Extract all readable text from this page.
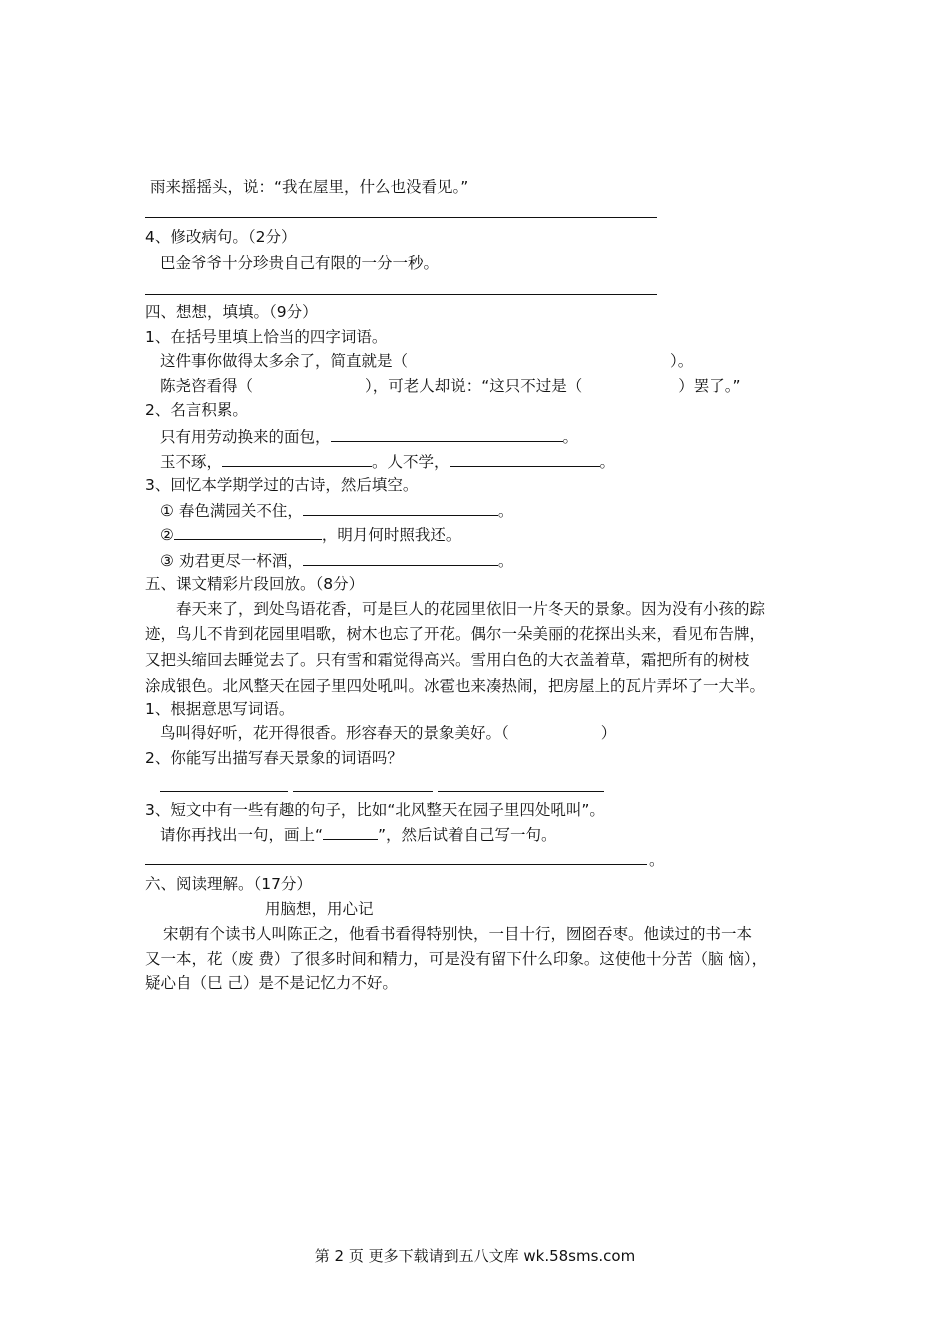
雨来摇摇头，说：“我在屋里，什么也没看见。”
4、修改病句。（2分）
巴金爷爷十分珍贵自己有限的一分一秒。
四、想想，填填。（9分）
1、在括号里填上恰当的四字词语。
这件事你做得太多余了，简直就是（	）。
陈尧咨看得（	），可老人却说：“这只不过是（	）罢了。”
2、名言积累。
只有用劳动换来的面包，	。
玉不琢，	。人不学，	。
3、回忆本学期学过的古诗，然后填空。
① 春色满园关不住，	。
②	，明月何时照我还。
③ 劝君更尽一杯酒，	。
五、课文精彩片段回放。（8分）
春天来了，到处鸟语花香，可是巨人的花园里依旧一片冬天的景象。因为没有小孩的踪
迹，鸟儿不肯到花园里唱歌，树木也忘了开花。偶尔一朵美丽的花探出头来，看见布告牌，
又把头缩回去睡觉去了。只有雪和霜觉得高兴。雪用白色的大衣盖着草，霜把所有的树枝
涂成银色。北风整天在园子里四处吼叫。冰雹也来凑热闹，把房屋上的瓦片弄坏了一大半。
1、根据意思写词语。
鸟叫得好听，花开得很香。形容春天的景象美好。（	）
2、你能写出描写春天景象的词语吗？
3、短文中有一些有趣的句子，比如“北风整天在园子里四处吼叫”。
请你再找出一句，画上“	”，然后试着自己写一句。
。
六、阅读理解。（17分）
用脑想，用心记
宋朝有个读书人叫陈正之，他看书看得特别快，一目十行，囫囵吞枣。他读过的书一本
又一本，花（废 费）了很多时间和精力，可是没有留下什么印象。这使他十分苦（脑 恼），
疑心自（巳 己）是不是记忆力不好。
第 2 页 更多下载请到五八文库 wk.58sms.com
